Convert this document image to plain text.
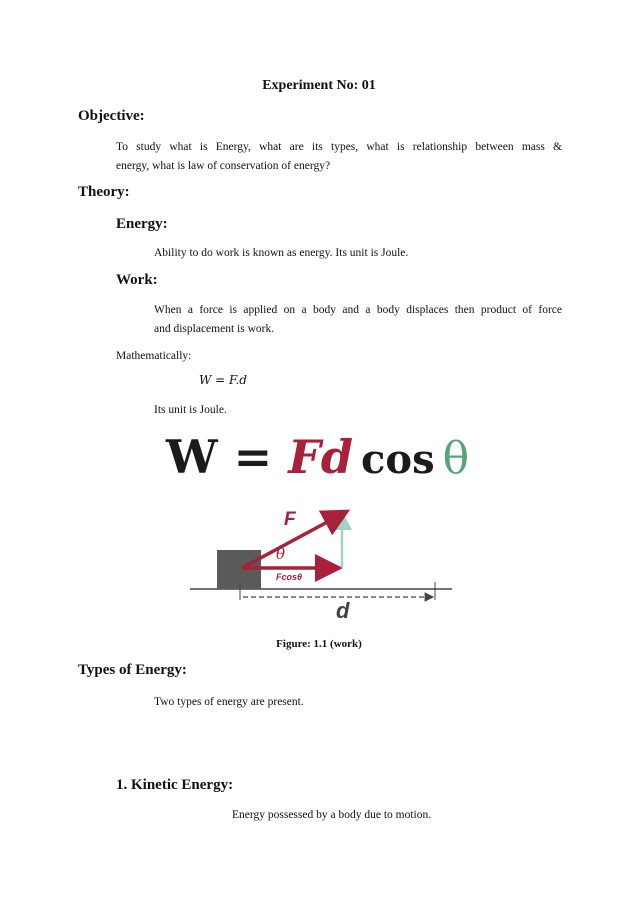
Experiment No: 01
Objective:
To study what is Energy, what are its types, what is relationship between mass &
energy, what is law of conservation of energy?
Theory:
Energy:
Ability to do work is known as energy. Its unit is Joule.
Work:
When a force is applied on a body and a body displaces then product of force
and displacement is work.
Mathematically:
W = F.d
Its unit is Joule.
W = Fd cos θ
F
θ
Fcosθ
d
Figure: 1.1 (work)
Types of Energy:
Two types of energy are present.
1. Kinetic Energy:
Energy possessed by a body due to motion.
